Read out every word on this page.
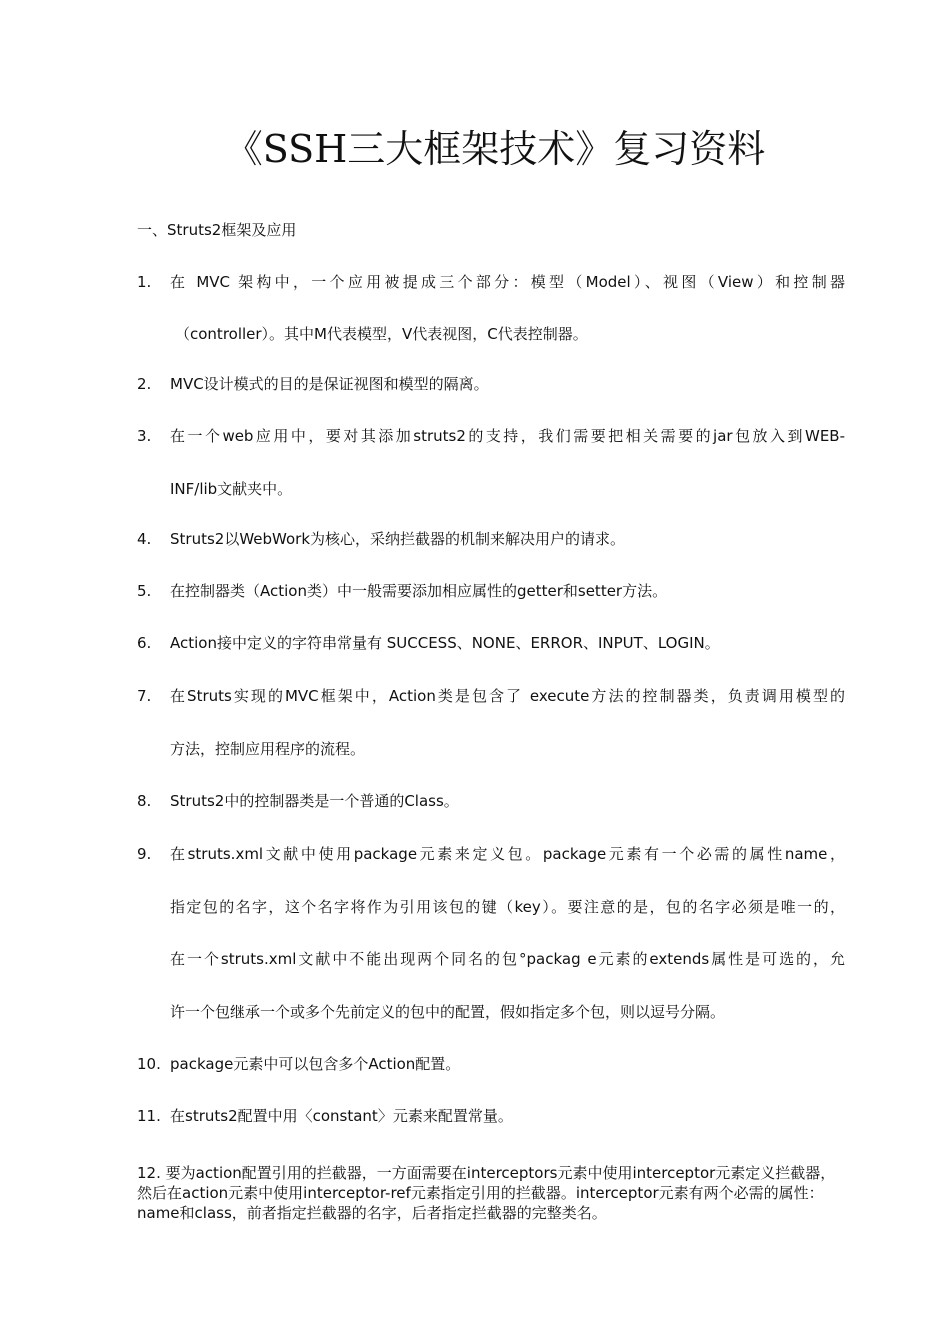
《SSH三大框架技术》复习资料
一、Struts2框架及应用
1. 在 MVC 架构中，一个应用被提成三个部分：模型（Model）、视图（View）和控制器
（controller）。其中M代表模型，V代表视图，C代表控制器。
2. MVC设计模式的目的是保证视图和模型的隔离。
3. 在一个web应用中，要对其添加struts2的支持，我们需要把相关需要的jar包放入到WEB-
INF/lib文献夹中。
4. Struts2以WebWork为核心，采纳拦截器的机制来解决用户的请求。
5. 在控制器类（Action类）中一般需要添加相应属性的getter和setter方法。
6. Action接中定义的字符串常量有 SUCCESS、NONE、ERROR、INPUT、LOGIN。
7. 在Struts实现的MVC框架中，Action类是包含了 execute方法的控制器类，负责调用模型的
方法，控制应用程序的流程。
8. Struts2中的控制器类是一个普通的Class。
9. 在struts.xml文献中使用package元素来定义包。package元素有一个必需的属性name，
指定包的名字，这个名字将作为引用该包的键（key）。要注意的是，包的名字必须是唯一的，
在一个struts.xml文献中不能出现两个同名的包°packag e元素的extends属性是可选的，允
许一个包继承一个或多个先前定义的包中的配置，假如指定多个包，则以逗号分隔。
10. package元素中可以包含多个Action配置。
11. 在struts2配置中用〈constant〉元素来配置常量。
12. 要为action配置引用的拦截器，一方面需要在interceptors元素中使用interceptor元素定义拦截器，然后在action元素中使用interceptor-ref元素指定引用的拦截器。interceptor元素有两个必需的属性：name和class，前者指定拦截器的名字，后者指定拦截器的完整类名。
